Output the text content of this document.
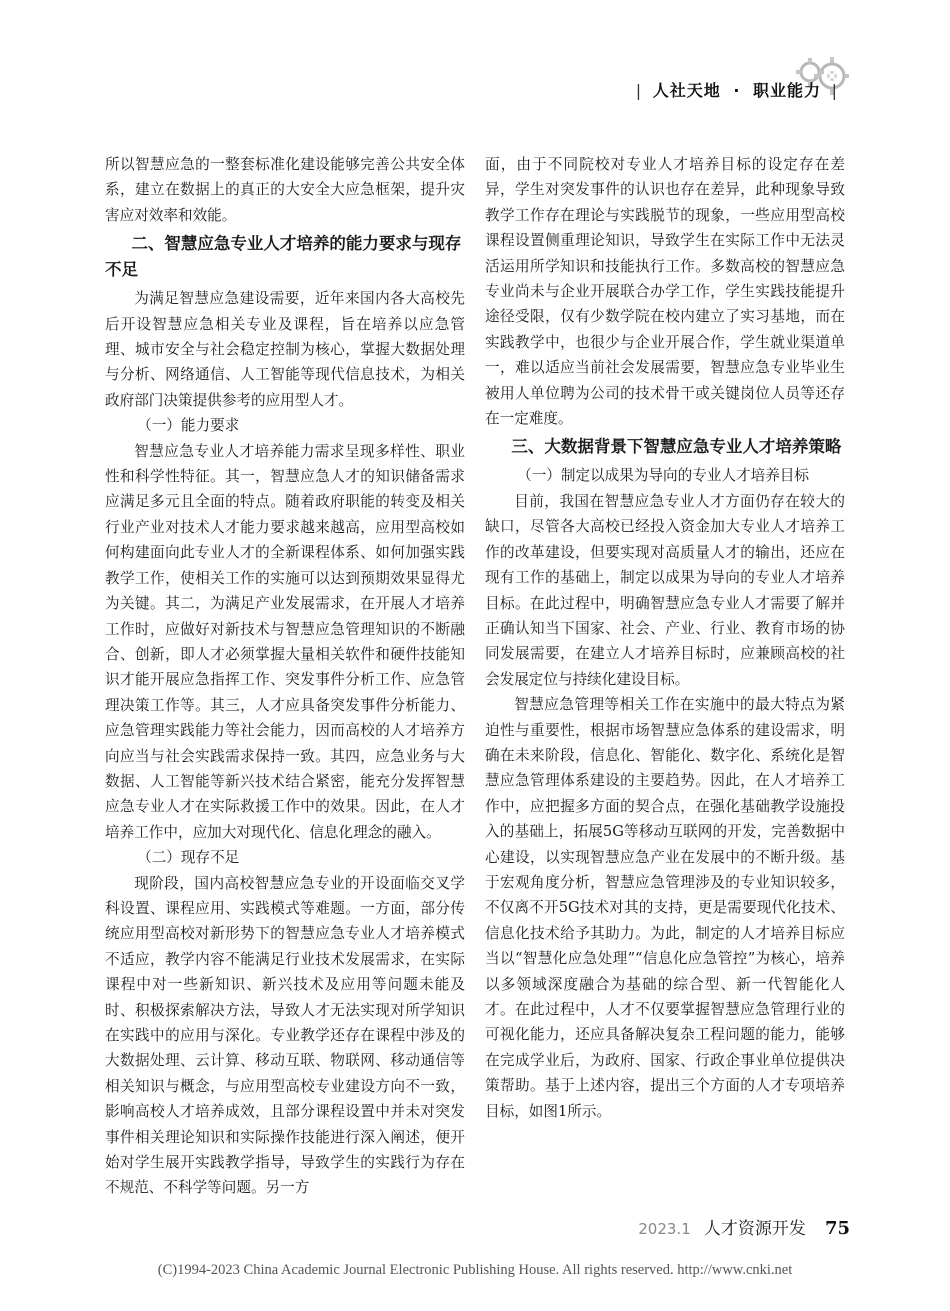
| 人社天地 · 职业能力 |

所以智慧应急的一整套标准化建设能够完善公共安全体系，建立在数据上的真正的大安全大应急框架，提升灾害应对效率和效能。

二、智慧应急专业人才培养的能力要求与现存不足

为满足智慧应急建设需要，近年来国内各大高校先后开设智慧应急相关专业及课程，旨在培养以应急管理、城市安全与社会稳定控制为核心，掌握大数据处理与分析、网络通信、人工智能等现代信息技术，为相关政府部门决策提供参考的应用型人才。

（一）能力要求

智慧应急专业人才培养能力需求呈现多样性、职业性和科学性特征。其一，智慧应急人才的知识储备需求应满足多元且全面的特点。随着政府职能的转变及相关行业产业对技术人才能力要求越来越高，应用型高校如何构建面向此专业人才的全新课程体系、如何加强实践教学工作，使相关工作的实施可以达到预期效果显得尤为关键。其二，为满足产业发展需求，在开展人才培养工作时，应做好对新技术与智慧应急管理知识的不断融合、创新，即人才必须掌握大量相关软件和硬件技能知识才能开展应急指挥工作、突发事件分析工作、应急管理决策工作等。其三，人才应具备突发事件分析能力、应急管理实践能力等社会能力，因而高校的人才培养方向应当与社会实践需求保持一致。其四，应急业务与大数据、人工智能等新兴技术结合紧密，能充分发挥智慧应急专业人才在实际救援工作中的效果。因此，在人才培养工作中，应加大对现代化、信息化理念的融入。

（二）现存不足

现阶段，国内高校智慧应急专业的开设面临交叉学科设置、课程应用、实践模式等难题。一方面，部分传统应用型高校对新形势下的智慧应急专业人才培养模式不适应，教学内容不能满足行业技术发展需求，在实际课程中对一些新知识、新兴技术及应用等问题未能及时、积极探索解决方法，导致人才无法实现对所学知识在实践中的应用与深化。专业教学还存在课程中涉及的大数据处理、云计算、移动互联、物联网、移动通信等相关知识与概念，与应用型高校专业建设方向不一致，影响高校人才培养成效，且部分课程设置中并未对突发事件相关理论知识和实际操作技能进行深入阐述，便开始对学生展开实践教学指导，导致学生的实践行为存在不规范、不科学等问题。另一方

面，由于不同院校对专业人才培养目标的设定存在差异，学生对突发事件的认识也存在差异，此种现象导致教学工作存在理论与实践脱节的现象，一些应用型高校课程设置侧重理论知识，导致学生在实际工作中无法灵活运用所学知识和技能执行工作。多数高校的智慧应急专业尚未与企业开展联合办学工作，学生实践技能提升途径受限，仅有少数学院在校内建立了实习基地，而在实践教学中，也很少与企业开展合作，学生就业渠道单一，难以适应当前社会发展需要，智慧应急专业毕业生被用人单位聘为公司的技术骨干或关键岗位人员等还存在一定难度。

三、大数据背景下智慧应急专业人才培养策略
（一）制定以成果为导向的专业人才培养目标

目前，我国在智慧应急专业人才方面仍存在较大的缺口，尽管各大高校已经投入资金加大专业人才培养工作的改革建设，但要实现对高质量人才的输出，还应在现有工作的基础上，制定以成果为导向的专业人才培养目标。在此过程中，明确智慧应急专业人才需要了解并正确认知当下国家、社会、产业、行业、教育市场的协同发展需要，在建立人才培养目标时，应兼顾高校的社会发展定位与持续化建设目标。

智慧应急管理等相关工作在实施中的最大特点为紧迫性与重要性，根据市场智慧应急体系的建设需求，明确在未来阶段，信息化、智能化、数字化、系统化是智慧应急管理体系建设的主要趋势。因此，在人才培养工作中，应把握多方面的契合点，在强化基础教学设施投入的基础上，拓展5G等移动互联网的开发，完善数据中心建设，以实现智慧应急产业在发展中的不断升级。基于宏观角度分析，智慧应急管理涉及的专业知识较多，不仅离不开5G技术对其的支持，更是需要现代化技术、信息化技术给予其助力。为此，制定的人才培养目标应当以“智慧化应急处理”“信息化应急管控”为核心，培养以多领域深度融合为基础的综合型、新一代智能化人才。在此过程中，人才不仅要掌握智慧应急管理行业的可视化能力，还应具备解决复杂工程问题的能力，能够在完成学业后，为政府、国家、行政企事业单位提供决策帮助。基于上述内容，提出三个方面的人才专项培养目标，如图1所示。

2023.1 人才资源开发 75
(C)1994-2023 China Academic Journal Electronic Publishing House. All rights reserved. http://www.cnki.net
